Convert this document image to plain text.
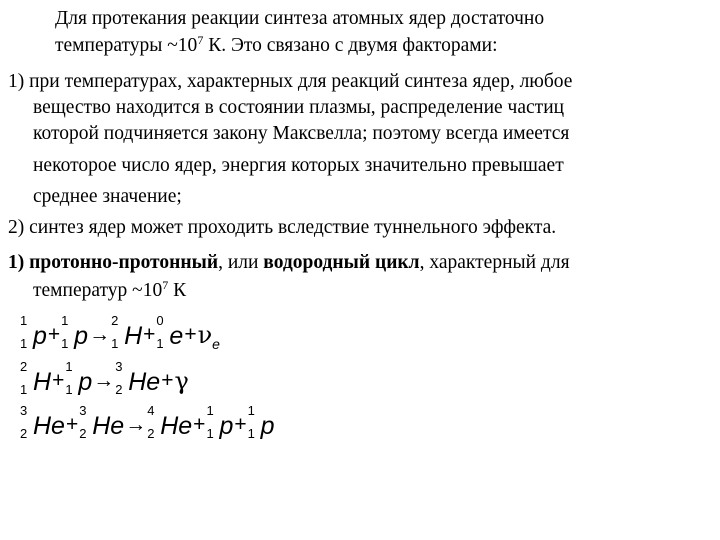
Для протекания реакции синтеза атомных ядер достаточно
температуры $\sim 10^7$ К. Это связано с двумя факторами:
1) при температурах, характерных для реакций синтеза ядер, любое
вещество находится в состоянии плазмы, распределение частиц
которой подчиняется закону Максвелла; поэтому всегда имеется
некоторое число ядер, энергия которых значительно превышает
среднее значение;
2) синтез ядер может проходить вследствие туннельного эффекта.
1) протонно-протонный, или водородный цикл, характерный для
температур $\sim 10^7$ К
1
1 p+
1
1 p→
2
1 H+
0
1 $e+\nu_e$
2
1 H+
1
1 p→
3
2 He+γ
3
2 He+
3
2 He→
4
2 He+
1
1 p+
1
1 p
